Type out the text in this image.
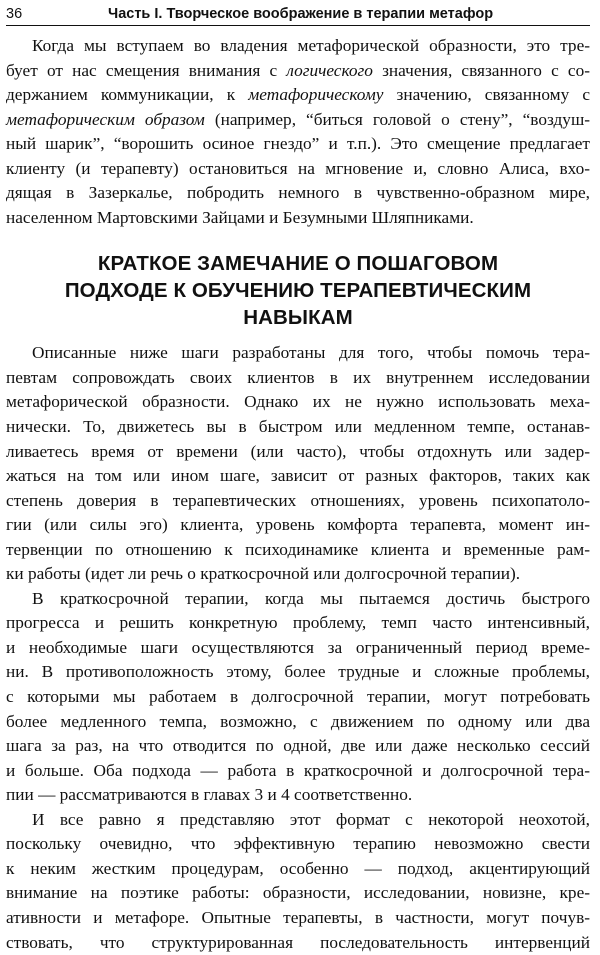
36	Часть I. Творческое воображение в терапии метафор

Когда мы вступаем во владения метафорической образности, это тре-
бует от нас смещения внимания с логического значения, связанного с со-
держанием коммуникации, к метафорическому значению, связанному с
метафорическим образом (например, “биться головой о стену”, “воздуш-
ный шарик”, “ворошить осиное гнездо” и т.п.). Это смещение предлагает
клиенту (и терапевту) остановиться на мгновение и, словно Алиса, вхо-
дящая в Зазеркалье, побродить немного в чувственно-образном мире,
населенном Мартовскими Зайцами и Безумными Шляпниками.

КРАТКОЕ ЗАМЕЧАНИЕ О ПОШАГОВОМ
ПОДХОДЕ К ОБУЧЕНИЮ ТЕРАПЕВТИЧЕСКИМ
НАВЫКАМ

Описанные ниже шаги разработаны для того, чтобы помочь тера-
певтам сопровождать своих клиентов в их внутреннем исследовании
метафорической образности. Однако их не нужно использовать меха-
нически. То, движетесь вы в быстром или медленном темпе, останав-
ливаетесь время от времени (или часто), чтобы отдохнуть или задер-
жаться на том или ином шаге, зависит от разных факторов, таких как
степень доверия в терапевтических отношениях, уровень психопатоло-
гии (или силы эго) клиента, уровень комфорта терапевта, момент ин-
тервенции по отношению к психодинамике клиента и временные рам-
ки работы (идет ли речь о краткосрочной или долгосрочной терапии).

В краткосрочной терапии, когда мы пытаемся достичь быстрого
прогресса и решить конкретную проблему, темп часто интенсивный,
и необходимые шаги осуществляются за ограниченный период време-
ни. В противоположность этому, более трудные и сложные проблемы,
с которыми мы работаем в долгосрочной терапии, могут потребовать
более медленного темпа, возможно, с движением по одному или два
шага за раз, на что отводится по одной, две или даже несколько сессий
и больше. Оба подхода — работа в краткосрочной и долгосрочной тера-
пии — рассматриваются в главах 3 и 4 соответственно.

И все равно я представляю этот формат с некоторой неохотой,
поскольку очевидно, что эффективную терапию невозможно свести
к неким жестким процедурам, особенно — подход, акцентирующий
внимание на поэтике работы: образности, исследовании, новизне, кре-
ативности и метафоре. Опытные терапевты, в частности, могут почув-
ствовать, что структурированная последовательность интервенций
